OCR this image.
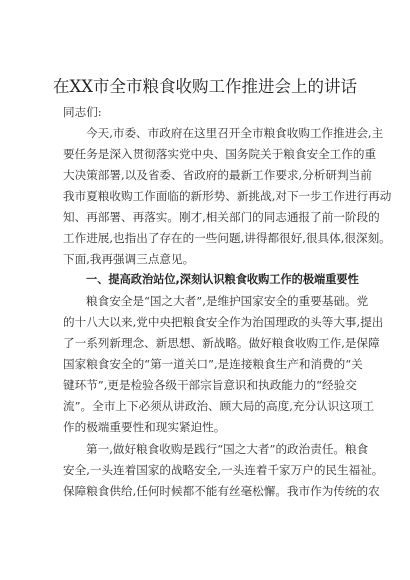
在XX市全市粮食收购工作推进会上的讲话
同志们:
今天,市委、市政府在这里召开全市粮食收购工作推进会,主
要任务是深入贯彻落实党中央、国务院关于粮食安全工作的重
大决策部署,以及省委、省政府的最新工作要求,分析研判当前
我市夏粮收购工作面临的新形势、新挑战,对下一步工作进行再动
知、再部署、再落实。刚才,相关部门的同志通报了前一阶段的
工作进展,也指出了存在的一些问题,讲得都很好,很具体,很深刻。
下面,我再强调三点意见。
一、提高政治站位,深刻认识粮食收购工作的极端重要性
粮食安全是“国之大者”,是维护国家安全的重要基础。党
的十八大以来,党中央把粮食安全作为治国理政的头等大事,提出
了一系列新理念、新思想、新战略。做好粮食收购工作,是保障
国家粮食安全的“第一道关口”,是连接粮食生产和消费的“关
键环节”,更是检验各级干部宗旨意识和执政能力的“经验交
流”。全市上下必须从讲政治、顾大局的高度,充分认识这项工
作的极端重要性和现实紧迫性。
第一,做好粮食收购是践行“国之大者”的政治责任。粮食
安全,一头连着国家的战略安全,一头连着千家万户的民生福祉。
保障粮食供给,任何时候都不能有丝毫松懈。我市作为传统的农
